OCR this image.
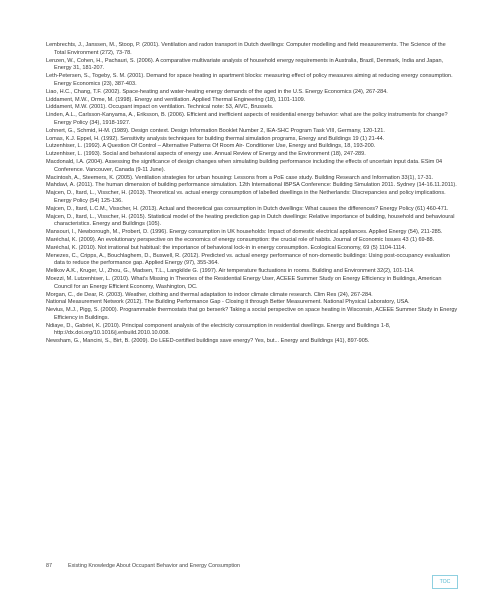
Lembrechts, J., Janssen, M., Stoop, P. (2001). Ventilation and radon transport in Dutch dwellings: Computer modelling and field measurements. The Science of the Total Environment (272), 73-78.

Lenzen, W., Cohen, H., Pachauri, S. (2006). A comparative multivariate analysis of household energy requirements in Australia, Brazil, Denmark, India and Japan, Energy 31, 181-207.

Leth-Petersen, S., Togeby, S. M. (2001). Demand for space heating in apartment blocks: measuring effect of policy measures aiming at reducing energy consumption. Energy Economics (23), 387-403.

Liao, H.C., Chang, T.F. (2002). Space-heating and water-heating energy demands of the aged in the U.S. Energy Economics (24), 267-284.

Liddament, M.W., Orme, M. (1998). Energy and ventilation. Applied Thermal Engineering (18), 1101-1109.

Liddament, M.W. (2001). Occupant impact on ventilation. Technical note: 53, AIVC, Brussels.

Linden, A.L., Carlsson-Kanyama, A., Eriksson, B. (2006). Efficient and inefficient aspects of residential energy behavior: what are the policy instruments for change? Energy Policy (34), 1918-1927.

Lohnert, G., Schmid, H-M. (1989). Design context. Design Information Booklet Number 2, IEA-SHC Program Task VIII, Germany, 120-121.

Lomas, K.J. Eppel, H. (1992). Sensitivity analysis techniques for building thermal simulation programs, Energy and Buildings 19 (1) 21-44.

Lutzenhiser, L. (1992). A Question Of Control – Alternative Patterns Of Room Air- Conditioner Use, Energy and Buildings, 18, 193-200.

Lutzenhiser, L. (1993). Social and behavioral aspects of energy use. Annual Review of Energy and the Environment (18), 247-289.

Macdonald, I.A. (2004). Assessing the significance of design changes when simulating building performance including the effects of uncertain input data. ESim 04 Conference. Vancouver, Canada (9-11 June).

Macintosh, A., Steemers, K. (2005). Ventilation strategies for urban housing: Lessons from a PoE case study. Building Research and Information 33(1), 17-31.

Mahdavi, A. (2011). The human dimension of building performance simulation. 12th International IBPSA Conference: Building Simulation 2011. Sydney (14-16.11.2011).

Majcen, D., Itard, L., Visscher, H. (2013). Theoretical vs. actual energy consumption of labelled dwellings in the Netherlands: Discrepancies and policy implications. Energy Policy (54) 125-136.

Majcen, D., Itard, L.C.M., Visscher, H. (2013). Actual and theoretical gas consumption in Dutch dwellings: What causes the differences? Energy Policy (61) 460-471.

Majcen, D., Itard, L., Visscher, H. (2015). Statistical model of the heating prediction gap in Dutch dwellings: Relative importance of building, household and behavioural characteristics. Energy and Buildings (105).

Mansouri, I., Newborough, M., Probert, D. (1996). Energy consumption in UK households: Impact of domestic electrical appliances. Applied Energy (54), 211-285.

Maréchal, K. (2009). An evolutionary perspective on the economics of energy consumption: the crucial role of habits. Journal of Economic Issues 43 (1) 69-88.

Maréchal, K. (2010). Not irrational but habitual: the importance of behavioral lock-in in energy consumption. Ecological Economy, 69 (5) 1104-1114.

Menezes, C., Cripps, A., Bouchlaghem, D., Buswell, R. (2012). Predicted vs. actual energy performance of non-domestic buildings: Using post-occupancy evaluation data to reduce the performance gap. Applied Energy (97), 355-364.

Melikov A.K., Kruger, U., Zhou, G., Madsen, T.L., Langkilde G. (1997). Air temperature fluctuations in rooms. Building and Environment 32(2), 101-114.

Moezzi, M. Lutzenhiser, L. (2010). What's Missing in Theories of the Residential Energy User, ACEEE Summer Study on Energy Efficiency in Buildings, American Council for an Energy Efficient Economy, Washington, DC.

Morgan, C., de Dear, R. (2003). Weather, clothing and thermal adaptation to indoor climate climate research. Clim Res (24), 267-284.

National Measurement Network (2012). The Building Performance Gap - Closing it through Better Measurement. National Physical Laboratory, USA.

Nevius, M.J., Pigg, S. (2000). Programmable thermostats that go berserk? Taking a social perspective on space heating in Wisconsin, ACEEE Summer Study in Energy Efficiency in Buildings.

Ndiaye, D., Gabriel, K. (2010). Principal component analysis of the electricity consumption in residential dwellings. Energy and Buildings 1-8, http://dx.doi.org/10.1016/j.enbuild.2010.10.008.

Newsham, G., Mancini, S., Birt, B. (2009). Do LEED-certified buildings save energy? Yes, but... Energy and Buildings (41), 897-905.

87	Existing Knowledge About Occupant Behavior and Energy Consumption
TOC
